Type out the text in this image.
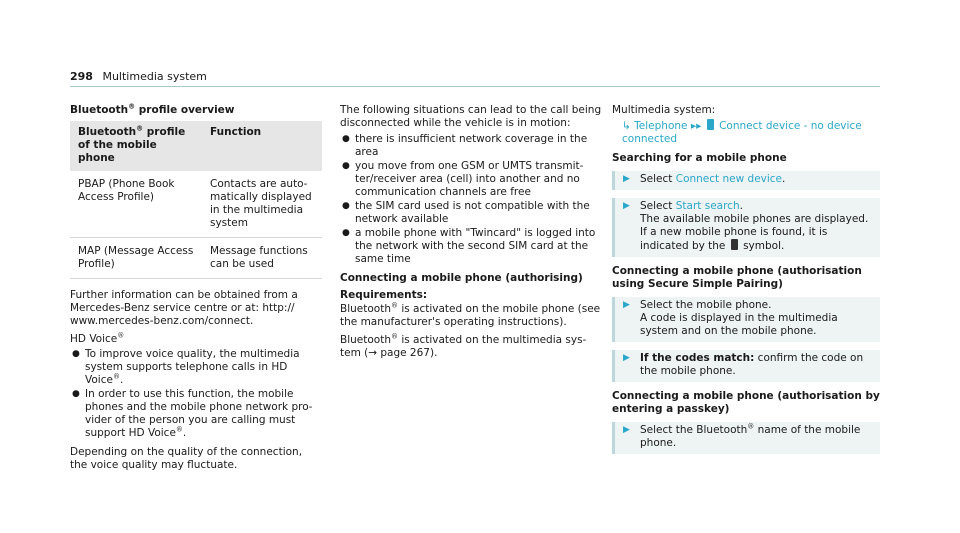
298 Multimedia system
Bluetooth® profile overview
Bluetooth® profile of the mobile phone	Function
PBAP (Phone Book Access Profile)	Contacts are automatically displayed in the multimedia system
MAP (Message Access Profile)	Message functions can be used

Further information can be obtained from a Mercedes-Benz service centre or at: http:// www.mercedes-benz.com/connect.

HD Voice®

● To improve voice quality, the multimedia system supports telephone calls in HD Voice®.
● In order to use this function, the mobile phones and the mobile phone network provider of the person you are calling must support HD Voice®.

Depending on the quality of the connection, the voice quality may fluctuate.

The following situations can lead to the call being disconnected while the vehicle is in motion:

● there is insufficient network coverage in the area
● you move from one GSM or UMTS transmitter/receiver area (cell) into another and no communication channels are free
● the SIM card used is not compatible with the network available
● a mobile phone with "Twincard" is logged into the network with the second SIM card at the same time
Connecting a mobile phone (authorising)

Requirements:

Bluetooth® is activated on the mobile phone (see the manufacturer's operating instructions).

Bluetooth® is activated on the multimedia system (→ page 267).

Multimedia system:

↳ Telephone ▸▸ Connect device - no device connected
Searching for a mobile phone
▶ Select Connect new device.
▶ Select Start search.
The available mobile phones are displayed. If a new mobile phone is found, it is indicated by the symbol.
Connecting a mobile phone (authorisation using Secure Simple Pairing)
▶ Select the mobile phone.
A code is displayed in the multimedia system and on the mobile phone.
▶ If the codes match: confirm the code on the mobile phone.
Connecting a mobile phone (authorisation by entering a passkey)
▶ Select the Bluetooth® name of the mobile phone.
